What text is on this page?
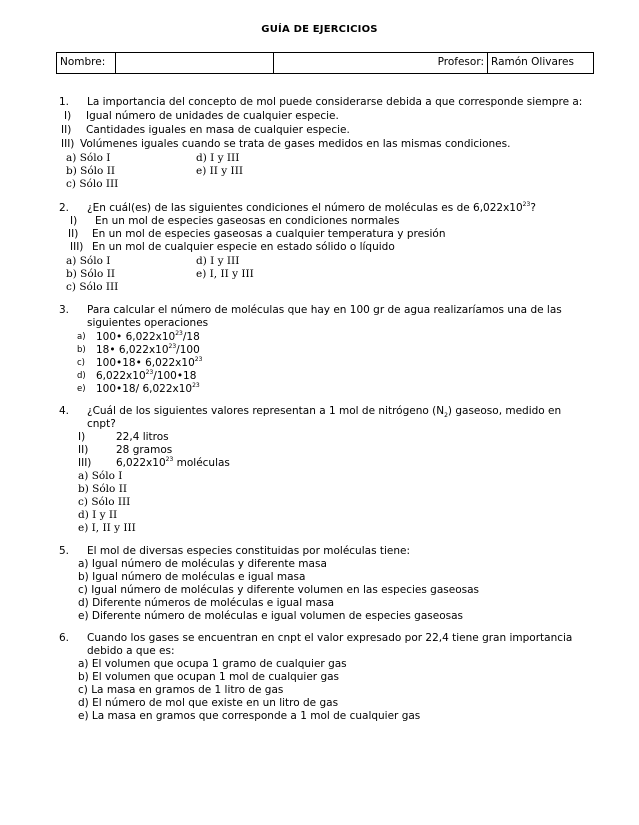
GUÍA DE EJERCICIOS
Nombre:	Profesor: Ramón Olivares
1. La importancia del concepto de mol puede considerarse debida a que corresponde siempre a:
I) Igual número de unidades de cualquier especie.
II) Cantidades iguales en masa de cualquier especie.
III) Volúmenes iguales cuando se trata de gases medidos en las mismas condiciones.
a) Sólo I	d) I y III
b) Sólo II	e) II y III
c) Sólo III
2. ¿En cuál(es) de las siguientes condiciones el número de moléculas es de $6,022x10^{23}$?
I) En un mol de especies gaseosas en condiciones normales
II) En un mol de especies gaseosas a cualquier temperatura y presión
III) En un mol de cualquier especie en estado sólido o líquido
a) Sólo I	d) I y III
b) Sólo II	e) I, II y III
c) Sólo III
3. Para calcular el número de moléculas que hay en 100 gr de agua realizaríamos una de las
siguientes operaciones
a) 100• $6,022x10^{23}/18$
b) 18• $6,022x10^{23}/100$
c) 100•18• $6,022x10^{23}$
d) $6,022x10^{23}/100•18$
e) 100•18/ $6,022x10^{23}$
4. ¿Cuál de los siguientes valores representan a 1 mol de nitrógeno $(N_2)$ gaseoso, medido en
cnpt?
I)	22,4 litros
II)	28 gramos
III) $6,022x10^{23}$ moléculas
a) Sólo I
b) Sólo II
c) Sólo III
d) I y II
e) I, II y III
5. El mol de diversas especies constituidas por moléculas tiene:
a) Igual número de moléculas y diferente masa
b) Igual número de moléculas e igual masa
c) Igual número de moléculas y diferente volumen en las especies gaseosas
d) Diferente números de moléculas e igual masa
e) Diferente número de moléculas e igual volumen de especies gaseosas
6. Cuando los gases se encuentran en cnpt el valor expresado por 22,4 tiene gran importancia
debido a que es:
a) El volumen que ocupa 1 gramo de cualquier gas
b) El volumen que ocupan 1 mol de cualquier gas
c) La masa en gramos de 1 litro de gas
d) El número de mol que existe en un litro de gas
e) La masa en gramos que corresponde a 1 mol de cualquier gas
